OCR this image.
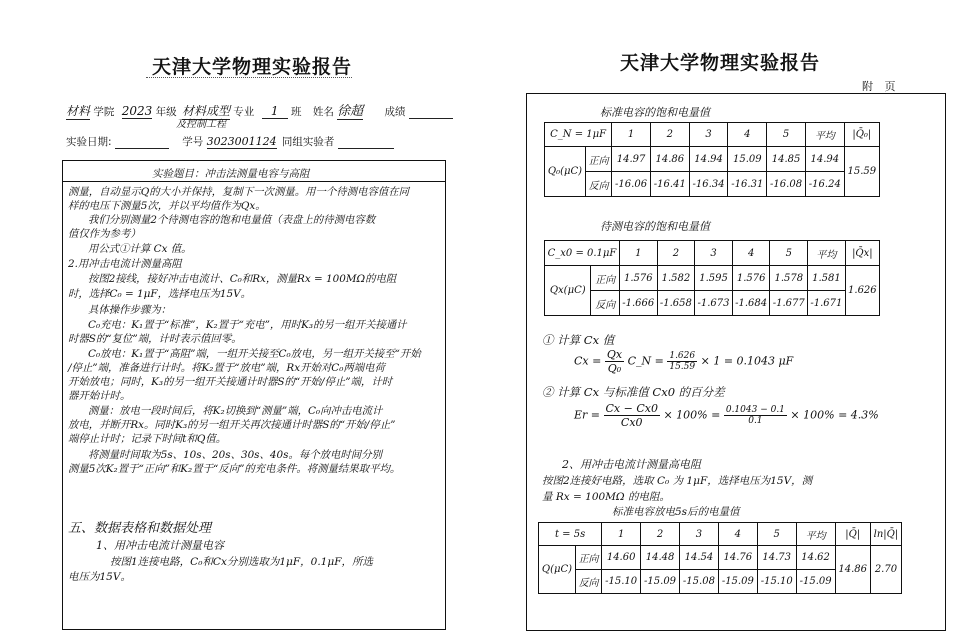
天津大学物理实验报告
材料 学院 2023 年级 材料成型 专业 1 班 姓名 徐超 成绩
及控制工程
实验日期:	学号 3023001124 同组实验者
实验题目：冲击法测量电容与高阻
测量，自动显示Q的大小并保持，复制下一次测量。用一个待测电容值在同
样的电压下测量5次，并以平均值作为Qx。
我们分别测量2个待测电容的饱和电量值（表盘上的待测电容数
值仅作为参考）
用公式①计算 Cx 值。
2.用冲击电流计测量高阻
按图2接线，接好冲击电流计、C₀和Rx，测量Rx = 100MΩ的电阻
时，选择C₀ = 1μF，选择电压为15V。
具体操作步骤为：
C₀充电：K₁置于“标准”，K₂置于“充电”，用时K₃的另一组开关接通计
时器S的“复位”端，计时表示值回零。
C₀放电：K₁置于“高阻”端，一组开关接至C₀放电，另一组开关接至“开始
/停止”端，准备进行计时。将K₂置于“放电”端，Rx开始对C₀两端电荷
开始放电；同时，K₃的另一组开关接通计时器S的“开始/停止”端，计时
器开始计时。
测量：放电一段时间后，将K₂切换到“测量”端，C₀向冲击电流计
放电，并断开Rx。同时K₃的另一组开关再次接通计时器S的“开始/停止”
端停止计时；记录下时间t和Q值。
将测量时间取为5s、10s、20s、30s、40s。每个放电时间分别
测量5次K₂置于“正向”和K₂置于“反向”的充电条件。将测量结果取平均。
五、数据表格和数据处理
1、用冲击电流计测量电容
按图1连接电路，C₀和Cx分别选取为1μF，0.1μF，所选
电压为15V。
天津大学物理实验报告
附 页
标准电容的饱和电量值
C_N = 1μF		1	2	3	4	5	平均	|Q̄₀|
Q₀(μC)	正向	14.97	14.86	14.94	15.09	14.85	14.94	15.59
	反向	-16.06	-16.41	-16.34	-16.31	-16.08	-16.24	
待测电容的饱和电量值
C_x0 = 0.1μF		1	2	3	4	5	平均	|Q̄x|
Qx(μC)	正向	1.576	1.582	1.595	1.576	1.578	1.581	1.626
	反向	-1.666	-1.658	-1.673	-1.684	-1.677	-1.671	
① 计算 Cx 值
$Cx = \frac{Qx}{\text{Q₀}}$ C_N = $\frac{1.626}{15.59} \times 1 = 0.1043$ μF
② 计算 Cx 与标准值 Cx0 的百分差
$Er = \frac{Cx - Cx0}{Cx0} \times 100\% = \frac{0.1043 - 0.1}{0.1} \times 100\% = 4.3\%$
2、用冲击电流计测量高电阻
按图2连接好电路，选取 C₀ 为 1μF，选择电压为15V，测
量 Rx = 100MΩ 的电阻。
标准电容放电5s后的电量值
t = 5s		1	2	3	4	5	平均	|Q̄|	ln|Q̄|
Q(μC)	正向	14.60	14.48	14.54	14.76	14.73	14.62	14.86	2.70
	反向	-15.10	-15.09	-15.08	-15.09	-15.10	-15.09		
